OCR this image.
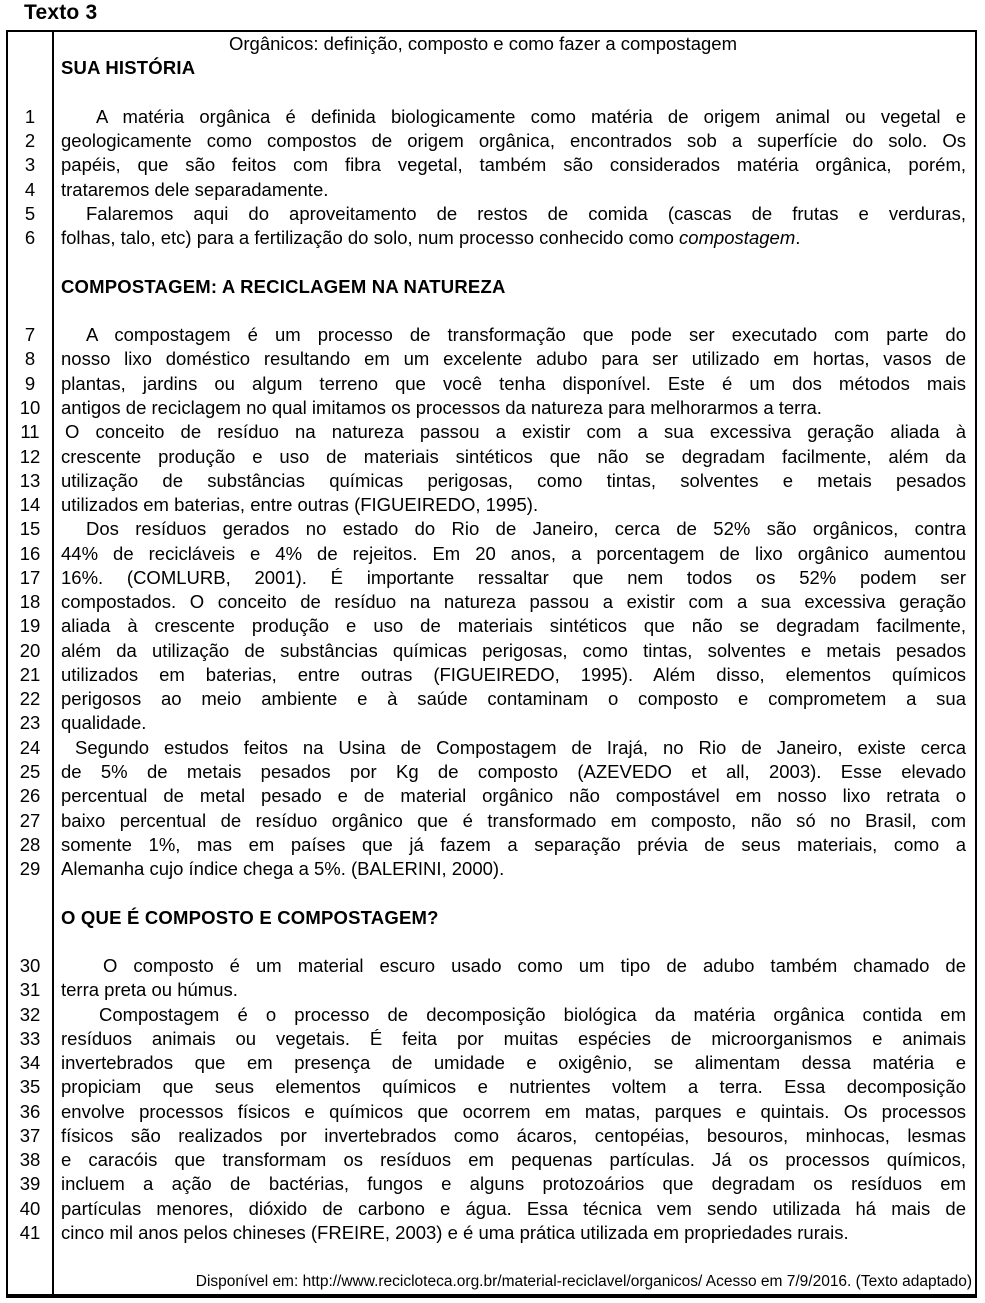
Texto 3
Orgânicos: definição, composto e como fazer a compostagem
SUA HISTÓRIA
1	A matéria orgânica é definida biologicamente como matéria de origem animal ou vegetal e
2	geologicamente como compostos de origem orgânica, encontrados sob a superfície do solo. Os
3	papéis, que são feitos com fibra vegetal, também são considerados matéria orgânica, porém,
4	trataremos dele separadamente.
5	Falaremos aqui do aproveitamento de restos de comida (cascas de frutas e verduras,
6	folhas, talo, etc) para a fertilização do solo, num processo conhecido como compostagem.
COMPOSTAGEM: A RECICLAGEM NA NATUREZA
7	A compostagem é um processo de transformação que pode ser executado com parte do
8	nosso lixo doméstico resultando em um excelente adubo para ser utilizado em hortas, vasos de
9	plantas, jardins ou algum terreno que você tenha disponível. Este é um dos métodos mais
10	antigos de reciclagem no qual imitamos os processos da natureza para melhorarmos a terra.
11	O conceito de resíduo na natureza passou a existir com a sua excessiva geração aliada à
12	crescente produção e uso de materiais sintéticos que não se degradam facilmente, além da
13	utilização de substâncias químicas perigosas, como tintas, solventes e metais pesados
14	utilizados em baterias, entre outras (FIGUEIREDO, 1995).
15	Dos resíduos gerados no estado do Rio de Janeiro, cerca de 52% são orgânicos, contra
16	44% de recicláveis e 4% de rejeitos. Em 20 anos, a porcentagem de lixo orgânico aumentou
17	16%. (COMLURB, 2001). É importante ressaltar que nem todos os 52% podem ser
18	compostados. O conceito de resíduo na natureza passou a existir com a sua excessiva geração
19	aliada à crescente produção e uso de materiais sintéticos que não se degradam facilmente,
20	além da utilização de substâncias químicas perigosas, como tintas, solventes e metais pesados
21	utilizados em baterias, entre outras (FIGUEIREDO, 1995). Além disso, elementos químicos
22	perigosos ao meio ambiente e à saúde contaminam o composto e comprometem a sua
23	qualidade.
24	Segundo estudos feitos na Usina de Compostagem de Irajá, no Rio de Janeiro, existe cerca
25	de 5% de metais pesados por Kg de composto (AZEVEDO et all, 2003). Esse elevado
26	percentual de metal pesado e de material orgânico não compostável em nosso lixo retrata o
27	baixo percentual de resíduo orgânico que é transformado em composto, não só no Brasil, com
28	somente 1%, mas em países que já fazem a separação prévia de seus materiais, como a
29	Alemanha cujo índice chega a 5%. (BALERINI, 2000).
O QUE É COMPOSTO E COMPOSTAGEM?
30	O composto é um material escuro usado como um tipo de adubo também chamado de
31	terra preta ou húmus.
32	Compostagem é o processo de decomposição biológica da matéria orgânica contida em
33	resíduos animais ou vegetais. É feita por muitas espécies de microorganismos e animais
34	invertebrados que em presença de umidade e oxigênio, se alimentam dessa matéria e
35	propiciam que seus elementos químicos e nutrientes voltem a terra. Essa decomposição
36	envolve processos físicos e químicos que ocorrem em matas, parques e quintais. Os processos
37	físicos são realizados por invertebrados como ácaros, centopéias, besouros, minhocas, lesmas
38	e caracóis que transformam os resíduos em pequenas partículas. Já os processos químicos,
39	incluem a ação de bactérias, fungos e alguns protozoários que degradam os resíduos em
40	partículas menores, dióxido de carbono e água. Essa técnica vem sendo utilizada há mais de
41	cinco mil anos pelos chineses (FREIRE, 2003) e é uma prática utilizada em propriedades rurais.
Disponível em: http://www.recicloteca.org.br/material-reciclavel/organicos/ Acesso em 7/9/2016. (Texto adaptado)
